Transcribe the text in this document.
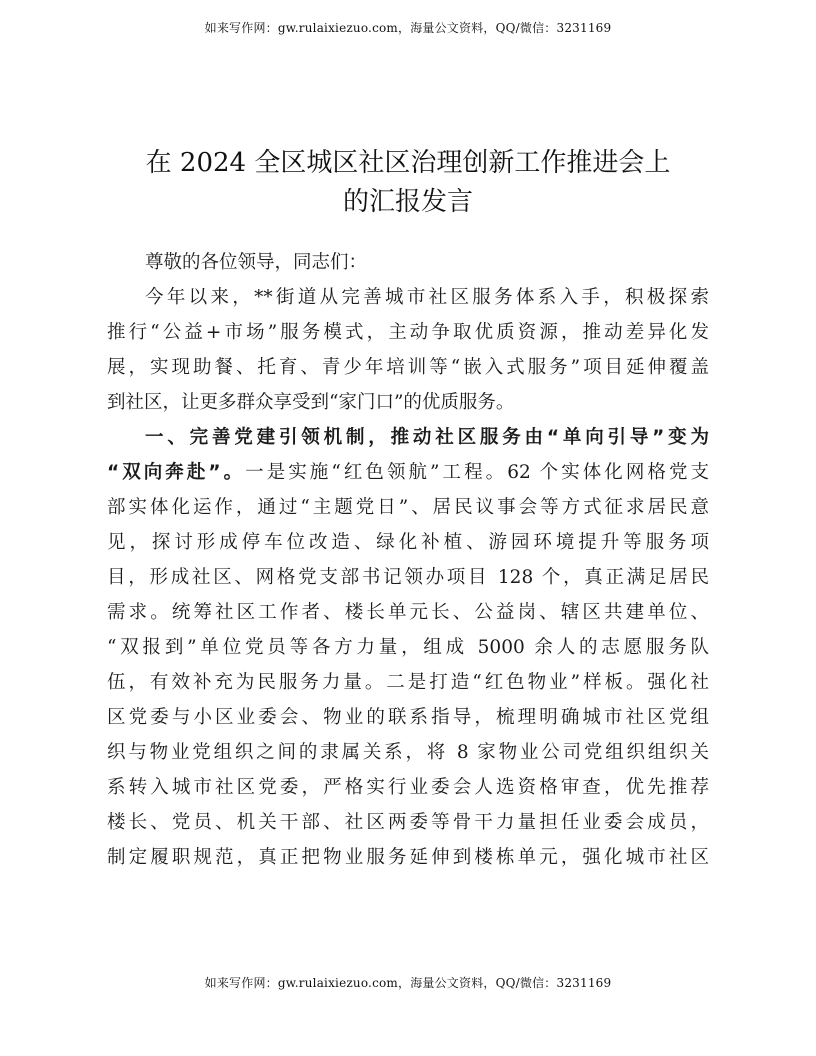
如来写作网：gw.rulaixiezuo.com，海量公文资料，QQ/微信：3231169
在 2024 全区城区社区治理创新工作推进会上
的汇报发言
尊敬的各位领导，同志们：
今年以来，**街道从完善城市社区服务体系入手，积极探索
推行“公益+市场”服务模式，主动争取优质资源，推动差异化发
展，实现助餐、托育、青少年培训等“嵌入式服务”项目延伸覆盖
到社区，让更多群众享受到“家门口”的优质服务。
一、完善党建引领机制，推动社区服务由“单向引导”变为
“双向奔赴”。一是实施“红色领航”工程。62 个实体化网格党支
部实体化运作，通过“主题党日”、居民议事会等方式征求居民意
见，探讨形成停车位改造、绿化补植、游园环境提升等服务项
目，形成社区、网格党支部书记领办项目 128 个，真正满足居民
需求。统筹社区工作者、楼长单元长、公益岗、辖区共建单位、
“双报到”单位党员等各方力量，组成 5000 余人的志愿服务队
伍，有效补充为民服务力量。二是打造“红色物业”样板。强化社
区党委与小区业委会、物业的联系指导，梳理明确城市社区党组
织与物业党组织之间的隶属关系，将 8 家物业公司党组织组织关
系转入城市社区党委，严格实行业委会人选资格审查，优先推荐
楼长、党员、机关干部、社区两委等骨干力量担任业委会成员，
制定履职规范，真正把物业服务延伸到楼栋单元，强化城市社区
如来写作网：gw.rulaixiezuo.com，海量公文资料，QQ/微信：3231169
